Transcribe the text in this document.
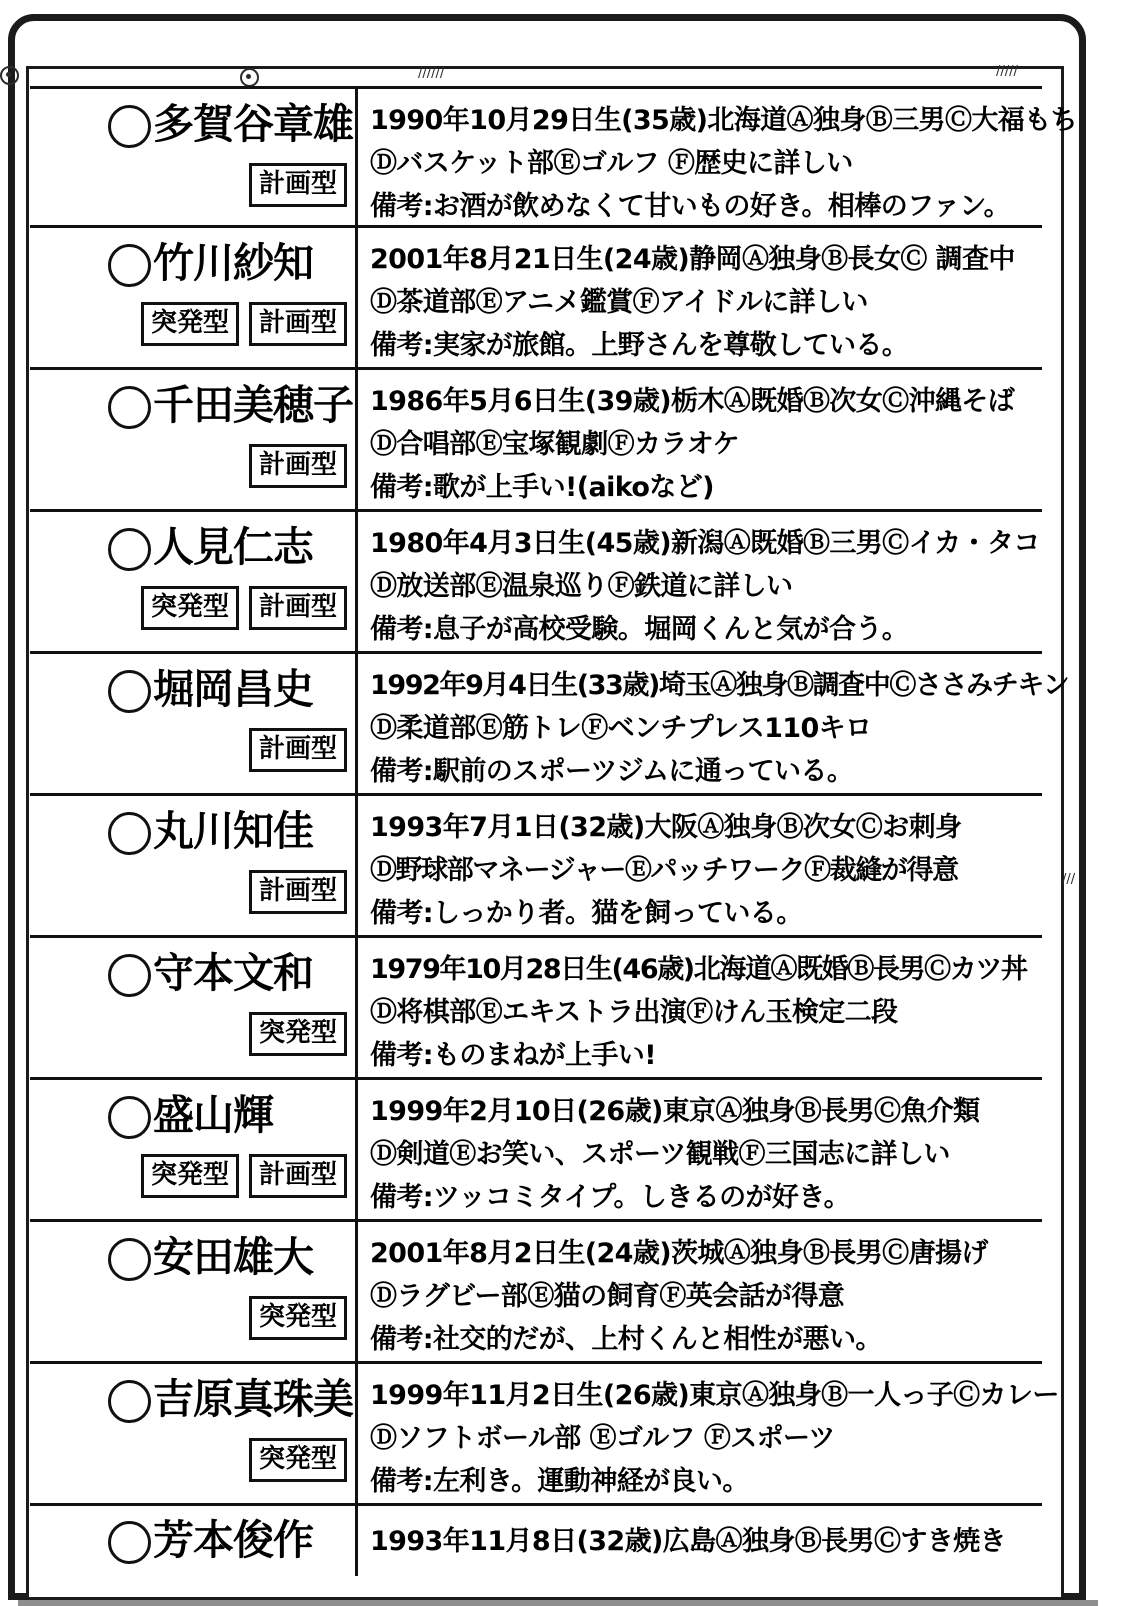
//////	/////
///
多賀谷章雄
計画型
1990年10月29日生(35歳)北海道Ⓐ独身Ⓑ三男Ⓒ大福もち
Ⓓバスケット部Ⓔゴルフ Ⓕ歴史に詳しい
備考:お酒が飲めなくて甘いもの好き。相棒のファン。
竹川紗知
突発型	計画型
2001年8月21日生(24歳)静岡Ⓐ独身Ⓑ長女Ⓒ 調査中
Ⓓ茶道部Ⓔアニメ鑑賞Ⓕアイドルに詳しい
備考:実家が旅館。上野さんを尊敬している。
千田美穂子
計画型
1986年5月6日生(39歳)栃木Ⓐ既婚Ⓑ次女Ⓒ沖縄そば
Ⓓ合唱部Ⓔ宝塚観劇Ⓕカラオケ
備考:歌が上手い!(aikoなど)
人見仁志
突発型	計画型
1980年4月3日生(45歳)新潟Ⓐ既婚Ⓑ三男Ⓒイカ・タコ
Ⓓ放送部Ⓔ温泉巡りⒻ鉄道に詳しい
備考:息子が高校受験。堀岡くんと気が合う。
堀岡昌史
計画型
1992年9月4日生(33歳)埼玉Ⓐ独身Ⓑ調査中Ⓒささみチキン
Ⓓ柔道部Ⓔ筋トレⒻベンチプレス110キロ
備考:駅前のスポーツジムに通っている。
丸川知佳
計画型
1993年7月1日(32歳)大阪Ⓐ独身Ⓑ次女Ⓒお刺身
Ⓓ野球部マネージャーⒺパッチワークⒻ裁縫が得意
備考:しっかり者。猫を飼っている。
守本文和
突発型
1979年10月28日生(46歳)北海道Ⓐ既婚Ⓑ長男Ⓒカツ丼
Ⓓ将棋部Ⓔエキストラ出演Ⓕけん玉検定二段
備考:ものまねが上手い!
盛山輝
突発型	計画型
1999年2月10日(26歳)東京Ⓐ独身Ⓑ長男Ⓒ魚介類
Ⓓ剣道Ⓔお笑い、スポーツ観戦Ⓕ三国志に詳しい
備考:ツッコミタイプ。しきるのが好き。
安田雄大
突発型
2001年8月2日生(24歳)茨城Ⓐ独身Ⓑ長男Ⓒ唐揚げ
Ⓓラグビー部Ⓔ猫の飼育Ⓕ英会話が得意
備考:社交的だが、上村くんと相性が悪い。
吉原真珠美
突発型
1999年11月2日生(26歳)東京Ⓐ独身Ⓑ一人っ子Ⓒカレー
Ⓓソフトボール部 Ⓔゴルフ Ⓕスポーツ
備考:左利き。運動神経が良い。
芳本俊作 1993年11月8日(32歳)広島Ⓐ独身Ⓑ長男Ⓒすき焼き
